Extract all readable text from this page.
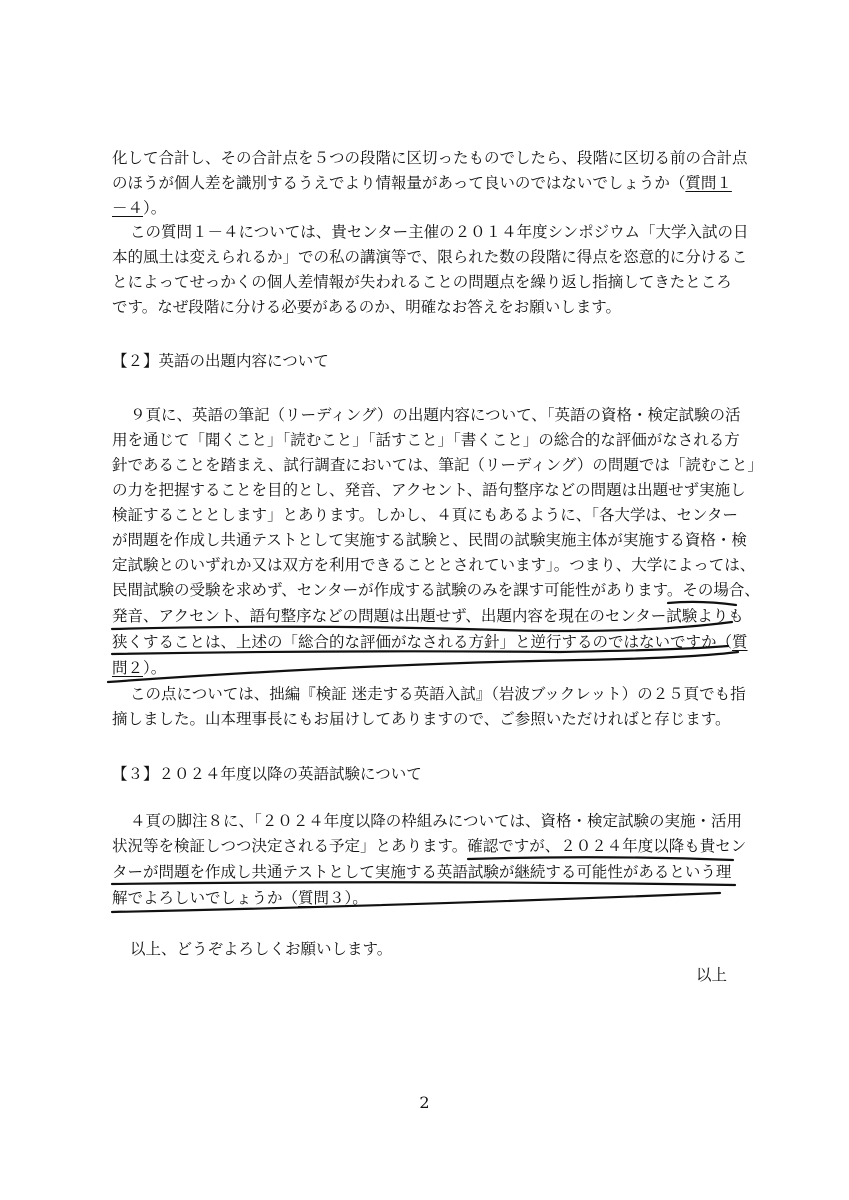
化して合計し、その合計点を５つの段階に区切ったものでしたら、段階に区切る前の合計点
のほうが個人差を識別するうえでより情報量があって良いのではないでしょうか（質問１
－４）。
この質問１－４については、貴センター主催の２０１４年度シンポジウム「大学入試の日
本的風土は変えられるか」での私の講演等で、限られた数の段階に得点を恣意的に分けるこ
とによってせっかくの個人差情報が失われることの問題点を繰り返し指摘してきたところ
です。なぜ段階に分ける必要があるのか、明確なお答えをお願いします。
【２】英語の出題内容について
９頁に、英語の筆記（リーディング）の出題内容について、「英語の資格・検定試験の活
用を通じて「聞くこと」「読むこと」「話すこと」「書くこと」の総合的な評価がなされる方
針であることを踏まえ、試行調査においては、筆記（リーディング）の問題では「読むこと」
の力を把握することを目的とし、発音、アクセント、語句整序などの問題は出題せず実施し
検証することとします」とあります。しかし、４頁にもあるように、「各大学は、センター
が問題を作成し共通テストとして実施する試験と、民間の試験実施主体が実施する資格・検
定試験とのいずれか又は双方を利用できることとされています」。つまり、大学によっては、
民間試験の受験を求めず、センターが作成する試験のみを課す可能性があります。その場合、
発音、アクセント、語句整序などの問題は出題せず、出題内容を現在のセンター試験よりも
狭くすることは、上述の「総合的な評価がなされる方針」と逆行するのではないですか（質
問２）。
この点については、拙編『検証 迷走する英語入試』（岩波ブックレット）の２５頁でも指
摘しました。山本理事長にもお届けしてありますので、ご参照いただければと存じます。
【３】２０２４年度以降の英語試験について
４頁の脚注８に、「２０２４年度以降の枠組みについては、資格・検定試験の実施・活用
状況等を検証しつつ決定される予定」とあります。確認ですが、２０２４年度以降も貴セン
ターが問題を作成し共通テストとして実施する英語試験が継続する可能性があるという理
解でよろしいでしょうか（質問３）。
以上、どうぞよろしくお願いします。
以上
2
